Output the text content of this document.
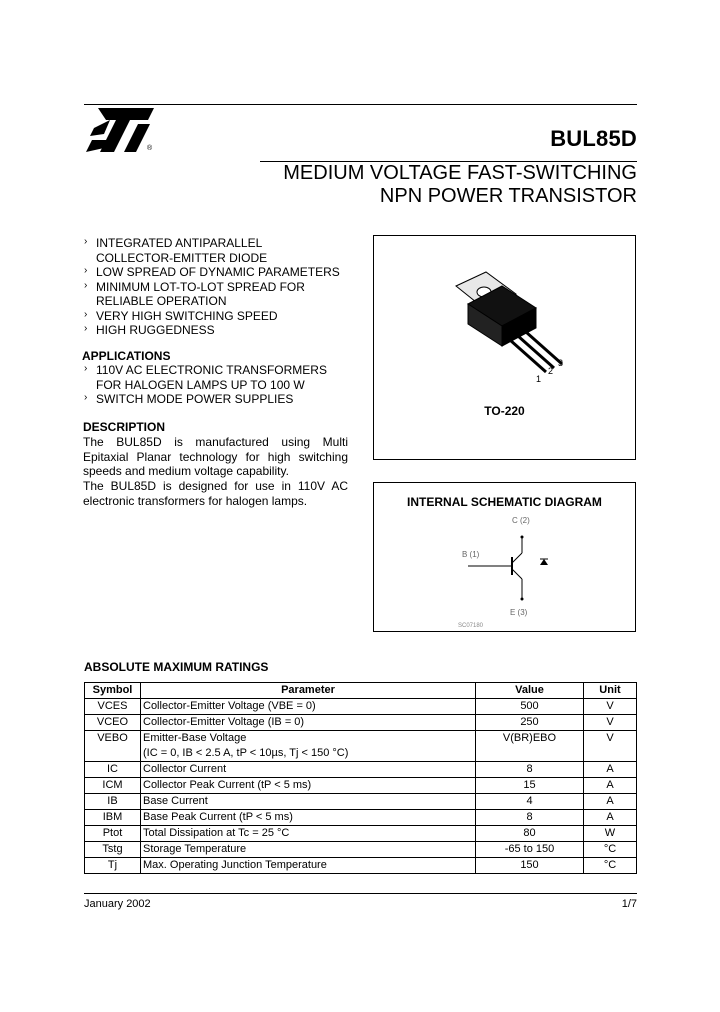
®	BUL85D
MEDIUM VOLTAGE FAST-SWITCHING
NPN POWER TRANSISTOR
› INTEGRATED ANTIPARALLEL
COLLECTOR-EMITTER DIODE
› LOW SPREAD OF DYNAMIC PARAMETERS
› MINIMUM LOT-TO-LOT SPREAD FOR
RELIABLE OPERATION
› VERY HIGH SWITCHING SPEED
› HIGH RUGGEDNESS
APPLICATIONS
› 110V AC ELECTRONIC TRANSFORMERS
FOR HALOGEN LAMPS UP TO 100 W
› SWITCH MODE POWER SUPPLIES
DESCRIPTION
The BUL85D is manufactured using Multi Epitaxial Planar technology for high switching speeds and medium voltage capability.
The BUL85D is designed for use in 110V AC electronic transformers for halogen lamps.
1
2
3
TO-220
INTERNAL SCHEMATIC DIAGRAM
C (2)
B (1)
E (3)
SC07180
ABSOLUTE MAXIMUM RATINGS
Symbol	Parameter	Value	Unit
VCES	Collector-Emitter Voltage (VBE = 0)	500	V
VCEO	Collector-Emitter Voltage (IB = 0)	250	V
VEBO	Emitter-Base Voltage
(IC = 0, IB < 2.5 A, tP < 10µs, Tj < 150 °C)	V(BR)EBO	V
IC	Collector Current	8	A
ICM	Collector Peak Current (tP < 5 ms)	15	A
IB	Base Current	4	A
IBM	Base Peak Current (tP < 5 ms)	8	A
Ptot	Total Dissipation at Tc = 25 °C	80	W
Tstg	Storage Temperature	-65 to 150	°C
Tj	Max. Operating Junction Temperature	150	°C
January 2002	1/7
